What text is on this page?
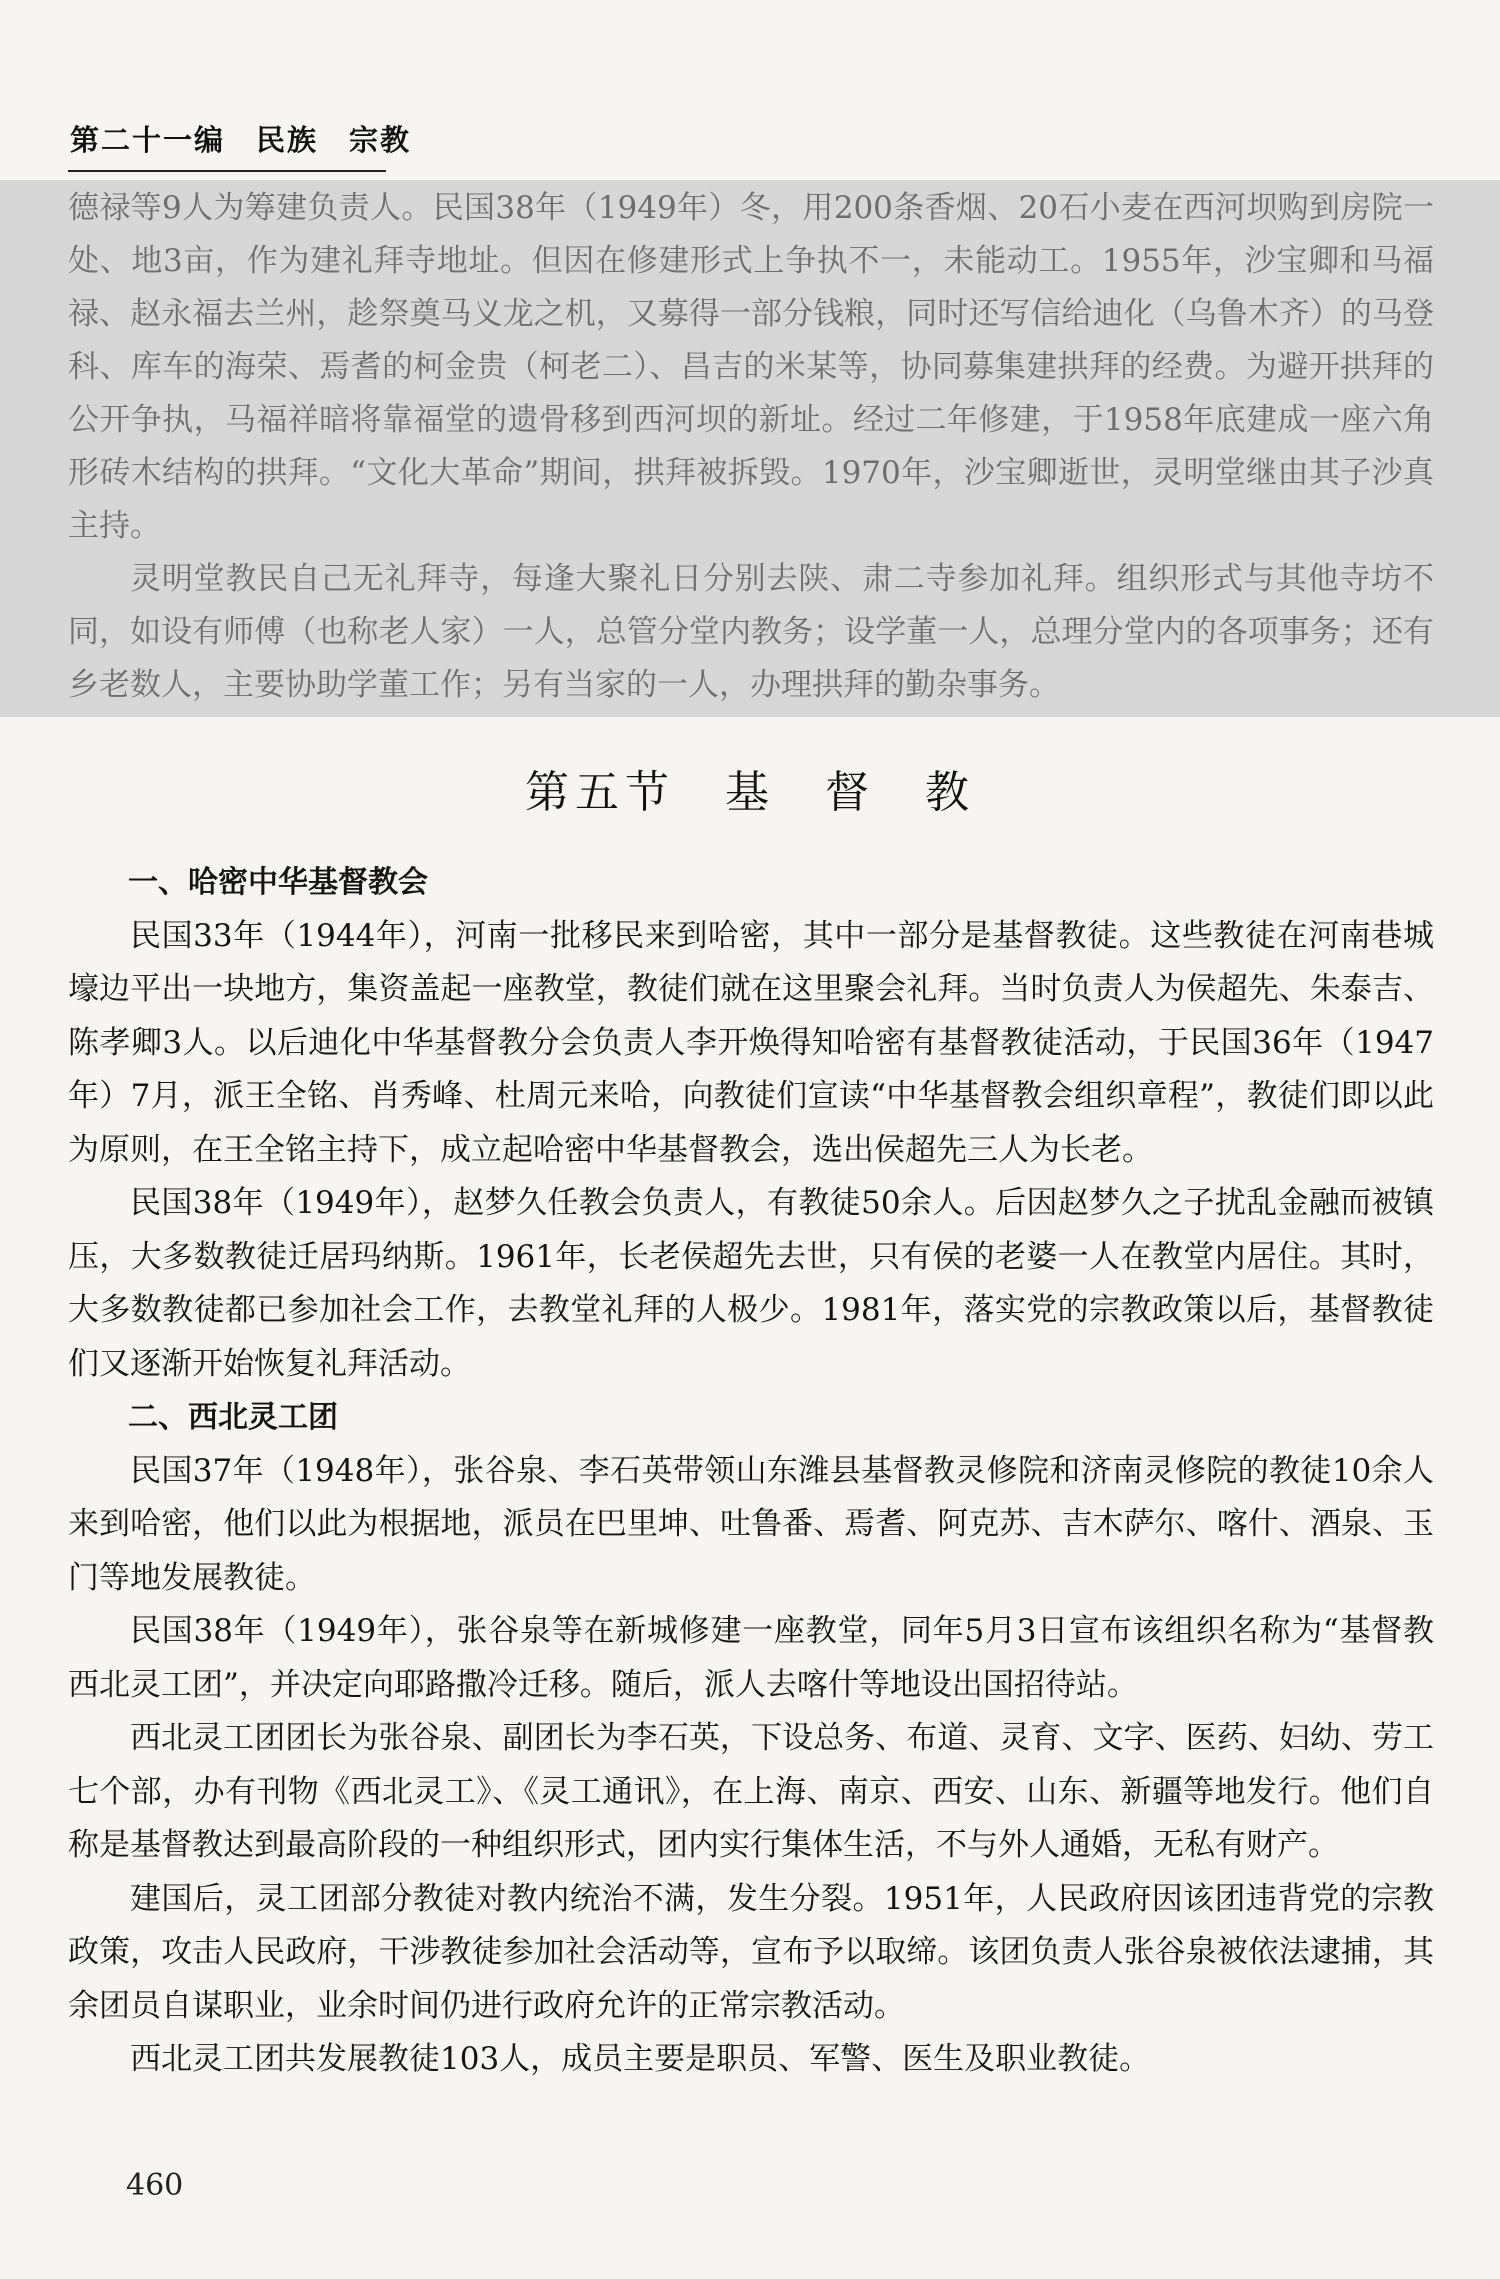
第二十一编　民族　宗教

德禄等9人为筹建负责人。民国38年（1949年）冬，用200条香烟、20石小麦在西河坝购到房院一处、地3亩，作为建礼拜寺地址。但因在修建形式上争执不一，未能动工。1955年，沙宝卿和马福禄、赵永福去兰州，趁祭奠马义龙之机，又募得一部分钱粮，同时还写信给迪化（乌鲁木齐）的马登科、库车的海荣、焉耆的柯金贵（柯老二）、昌吉的米某等，协同募集建拱拜的经费。为避开拱拜的公开争执，马福祥暗将靠福堂的遗骨移到西河坝的新址。经过二年修建，于1958年底建成一座六角形砖木结构的拱拜。“文化大革命”期间，拱拜被拆毁。1970年，沙宝卿逝世，灵明堂继由其子沙真主持。

灵明堂教民自己无礼拜寺，每逢大聚礼日分别去陕、肃二寺参加礼拜。组织形式与其他寺坊不同，如设有师傅（也称老人家）一人，总管分堂内教务；设学董一人，总理分堂内的各项事务；还有乡老数人，主要协助学董工作；另有当家的一人，办理拱拜的勤杂事务。

第五节　基　督　教
一、哈密中华基督教会

民国33年（1944年），河南一批移民来到哈密，其中一部分是基督教徒。这些教徒在河南巷城壕边平出一块地方，集资盖起一座教堂，教徒们就在这里聚会礼拜。当时负责人为侯超先、朱泰吉、陈孝卿3人。以后迪化中华基督教分会负责人李开焕得知哈密有基督教徒活动，于民国36年（1947年）7月，派王全铭、肖秀峰、杜周元来哈，向教徒们宣读“中华基督教会组织章程”，教徒们即以此为原则，在王全铭主持下，成立起哈密中华基督教会，选出侯超先三人为长老。

民国38年（1949年），赵梦久任教会负责人，有教徒50余人。后因赵梦久之子扰乱金融而被镇压，大多数教徒迁居玛纳斯。1961年，长老侯超先去世，只有侯的老婆一人在教堂内居住。其时，大多数教徒都已参加社会工作，去教堂礼拜的人极少。1981年，落实党的宗教政策以后，基督教徒们又逐渐开始恢复礼拜活动。

二、西北灵工团

民国37年（1948年），张谷泉、李石英带领山东潍县基督教灵修院和济南灵修院的教徒10余人来到哈密，他们以此为根据地，派员在巴里坤、吐鲁番、焉耆、阿克苏、吉木萨尔、喀什、酒泉、玉门等地发展教徒。

民国38年（1949年），张谷泉等在新城修建一座教堂，同年5月3日宣布该组织名称为“基督教西北灵工团”，并决定向耶路撒冷迁移。随后，派人去喀什等地设出国招待站。

西北灵工团团长为张谷泉、副团长为李石英，下设总务、布道、灵育、文字、医药、妇幼、劳工七个部，办有刊物《西北灵工》、《灵工通讯》，在上海、南京、西安、山东、新疆等地发行。他们自称是基督教达到最高阶段的一种组织形式，团内实行集体生活，不与外人通婚，无私有财产。

建国后，灵工团部分教徒对教内统治不满，发生分裂。1951年，人民政府因该团违背党的宗教政策，攻击人民政府，干涉教徒参加社会活动等，宣布予以取缔。该团负责人张谷泉被依法逮捕，其余团员自谋职业，业余时间仍进行政府允许的正常宗教活动。

西北灵工团共发展教徒103人，成员主要是职员、军警、医生及职业教徒。

460
